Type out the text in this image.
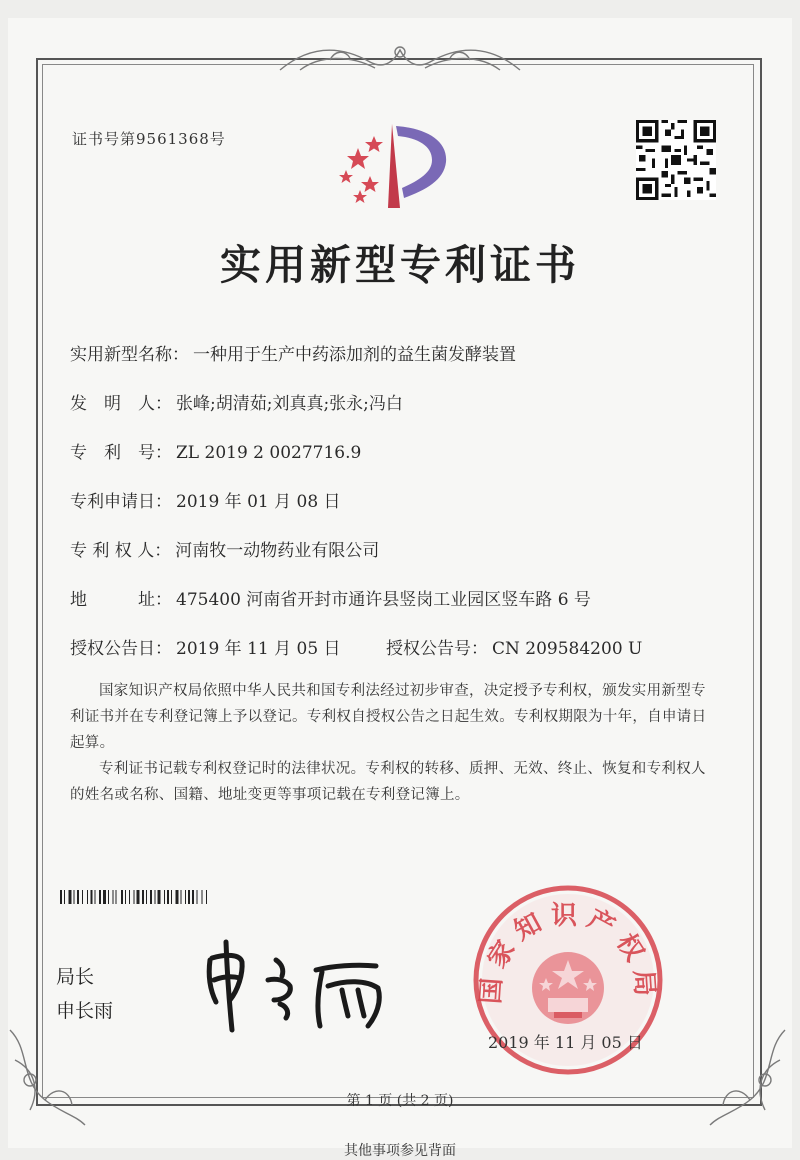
证书号第9561368号
实用新型专利证书
实用新型名称： 一种用于生产中药添加剂的益生菌发酵装置
发　明　人： 张峰;胡清茹;刘真真;张永;冯白
专　利　号： ZL 2019 2 0027716.9
专利申请日： 2019 年 01 月 08 日
专 利 权 人： 河南牧一动物药业有限公司
地　　　址： 475400 河南省开封市通许县竖岗工业园区竖车路 6 号
授权公告日： 2019 年 11 月 05 日	授权公告号： CN 209584200 U
国家知识产权局依照中华人民共和国专利法经过初步审查，决定授予专利权，颁发实用新型专利证书并在专利登记簿上予以登记。专利权自授权公告之日起生效。专利权期限为十年，自申请日起算。
专利证书记载专利权登记时的法律状况。专利权的转移、质押、无效、终止、恢复和专利权人的姓名或名称、国籍、地址变更等事项记载在专利登记簿上。
局长
申长雨
国家知识产权局
2019 年 11 月 05 日
第 1 页 (共 2 页)
其他事项参见背面
